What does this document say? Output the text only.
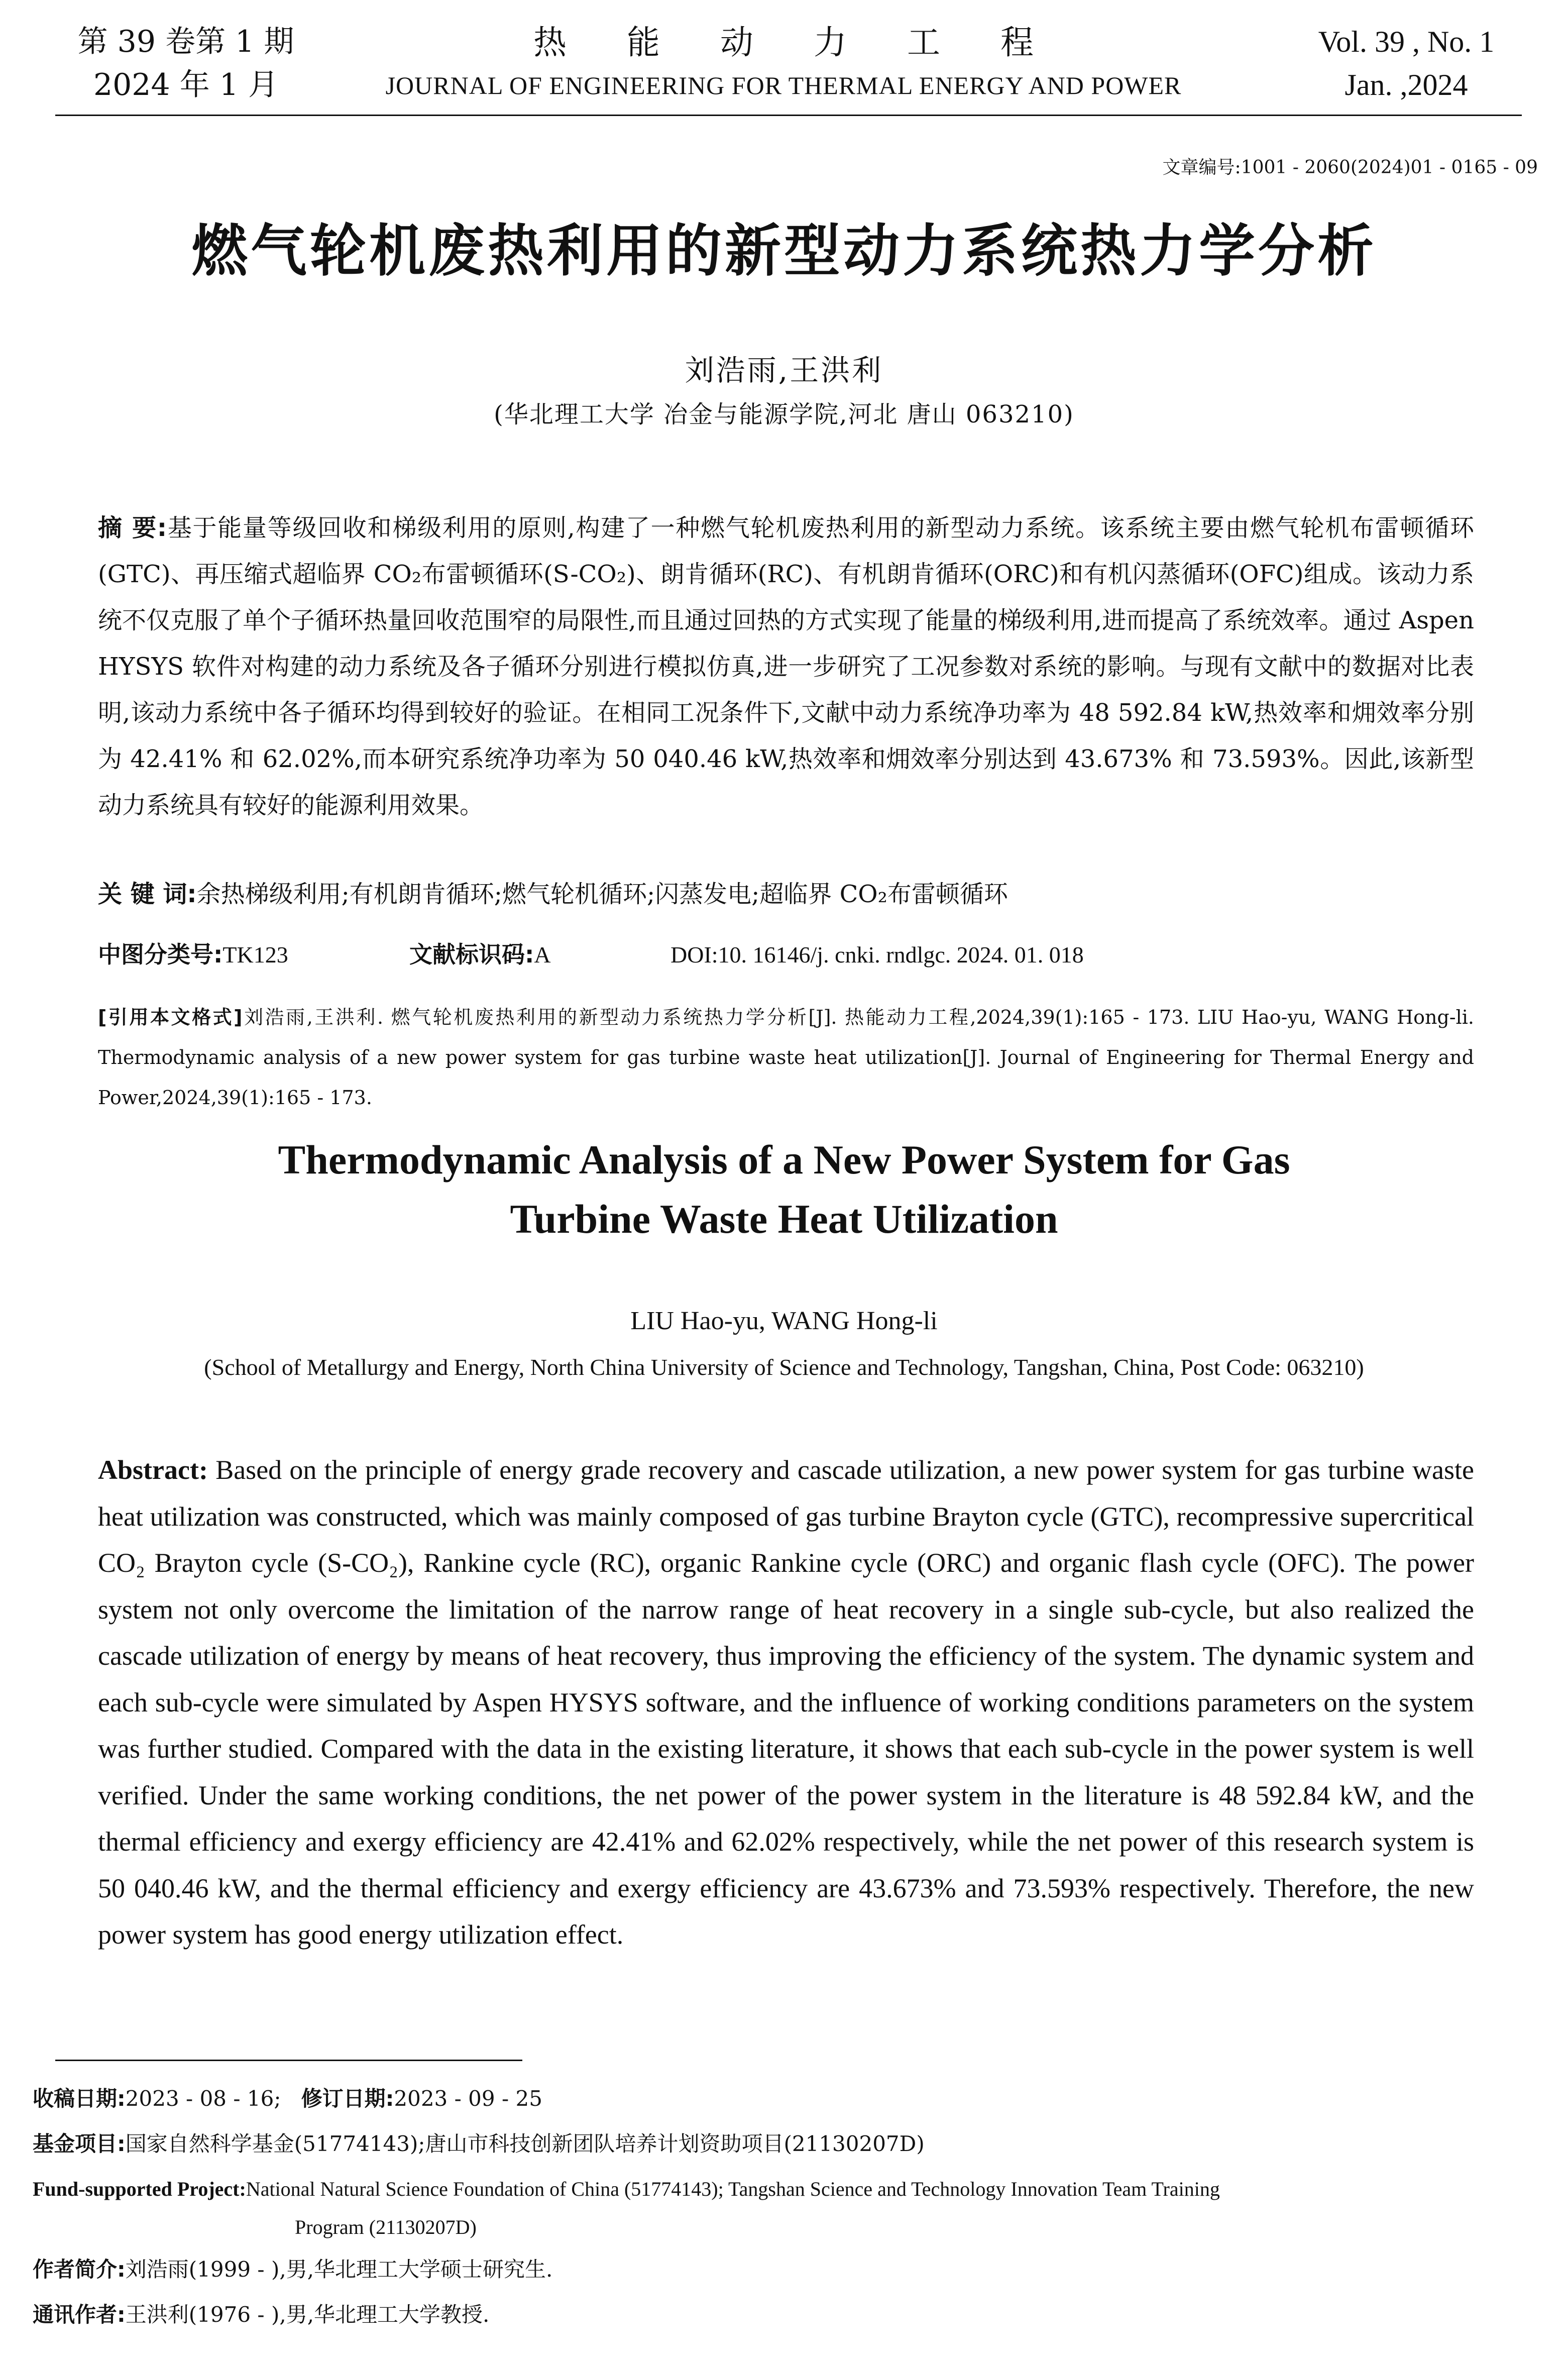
第 39 卷第 1 期
2024 年 1 月
热能动力工程
JOURNAL OF ENGINEERING FOR THERMAL ENERGY AND POWER
Vol. 39 , No. 1
Jan. ,2024
文章编号:1001 - 2060(2024)01 - 0165 - 09
燃气轮机废热利用的新型动力系统热力学分析
刘浩雨,王洪利
(华北理工大学 冶金与能源学院,河北 唐山 063210)
摘 要:基于能量等级回收和梯级利用的原则,构建了一种燃气轮机废热利用的新型动力系统。该系统主要由燃气轮机布雷顿循环(GTC)、再压缩式超临界 CO₂布雷顿循环(S-CO₂)、朗肯循环(RC)、有机朗肯循环(ORC)和有机闪蒸循环(OFC)组成。该动力系统不仅克服了单个子循环热量回收范围窄的局限性,而且通过回热的方式实现了能量的梯级利用,进而提高了系统效率。通过 Aspen HYSYS 软件对构建的动力系统及各子循环分别进行模拟仿真,进一步研究了工况参数对系统的影响。与现有文献中的数据对比表明,该动力系统中各子循环均得到较好的验证。在相同工况条件下,文献中动力系统净功率为 48 592.84 kW,热效率和㶲效率分别为 42.41% 和 62.02%,而本研究系统净功率为 50 040.46 kW,热效率和㶲效率分别达到 43.673% 和 73.593%。因此,该新型动力系统具有较好的能源利用效果。
关 键 词:余热梯级利用;有机朗肯循环;燃气轮机循环;闪蒸发电;超临界 CO₂布雷顿循环
中图分类号:TK123	文献标识码:A	DOI:10. 16146/j. cnki. rndlgc. 2024. 01. 018
[引用本文格式]刘浩雨,王洪利. 燃气轮机废热利用的新型动力系统热力学分析[J]. 热能动力工程,2024,39(1):165 - 173. LIU Hao-yu, WANG Hong-li. Thermodynamic analysis of a new power system for gas turbine waste heat utilization[J]. Journal of Engineering for Thermal Energy and Power,2024,39(1):165 - 173.
Thermodynamic Analysis of a New Power System for Gas
Turbine Waste Heat Utilization
LIU Hao-yu, WANG Hong-li
(School of Metallurgy and Energy, North China University of Science and Technology, Tangshan, China, Post Code: 063210)
Abstract: Based on the principle of energy grade recovery and cascade utilization, a new power system for gas turbine waste heat utilization was constructed, which was mainly composed of gas turbine Brayton cycle (GTC), recompressive supercritical CO₂ Brayton cycle (S-CO₂), Rankine cycle (RC), organic Rankine cycle (ORC) and organic flash cycle (OFC). The power system not only overcome the limitation of the narrow range of heat recovery in a single sub-cycle, but also realized the cascade utilization of energy by means of heat recovery, thus improving the efficiency of the system. The dynamic system and each sub-cycle were simulated by Aspen HYSYS software, and the influence of working conditions parameters on the system was further studied. Compared with the data in the existing literature, it shows that each sub-cycle in the power system is well verified. Under the same working conditions, the net power of the power system in the literature is 48 592.84 kW, and the thermal efficiency and exergy efficiency are 42.41% and 62.02% respectively, while the net power of this research system is 50 040.46 kW, and the thermal efficiency and exergy efficiency are 43.673% and 73.593% respectively. Therefore, the new power system has good energy utilization effect.
收稿日期:2023 - 08 - 16; 修订日期:2023 - 09 - 25
基金项目:国家自然科学基金(51774143);唐山市科技创新团队培养计划资助项目(21130207D)
Fund-supported Project:National Natural Science Foundation of China (51774143); Tangshan Science and Technology Innovation Team Training
Program (21130207D)
作者简介:刘浩雨(1999 - ),男,华北理工大学硕士研究生.
通讯作者:王洪利(1976 - ),男,华北理工大学教授.
